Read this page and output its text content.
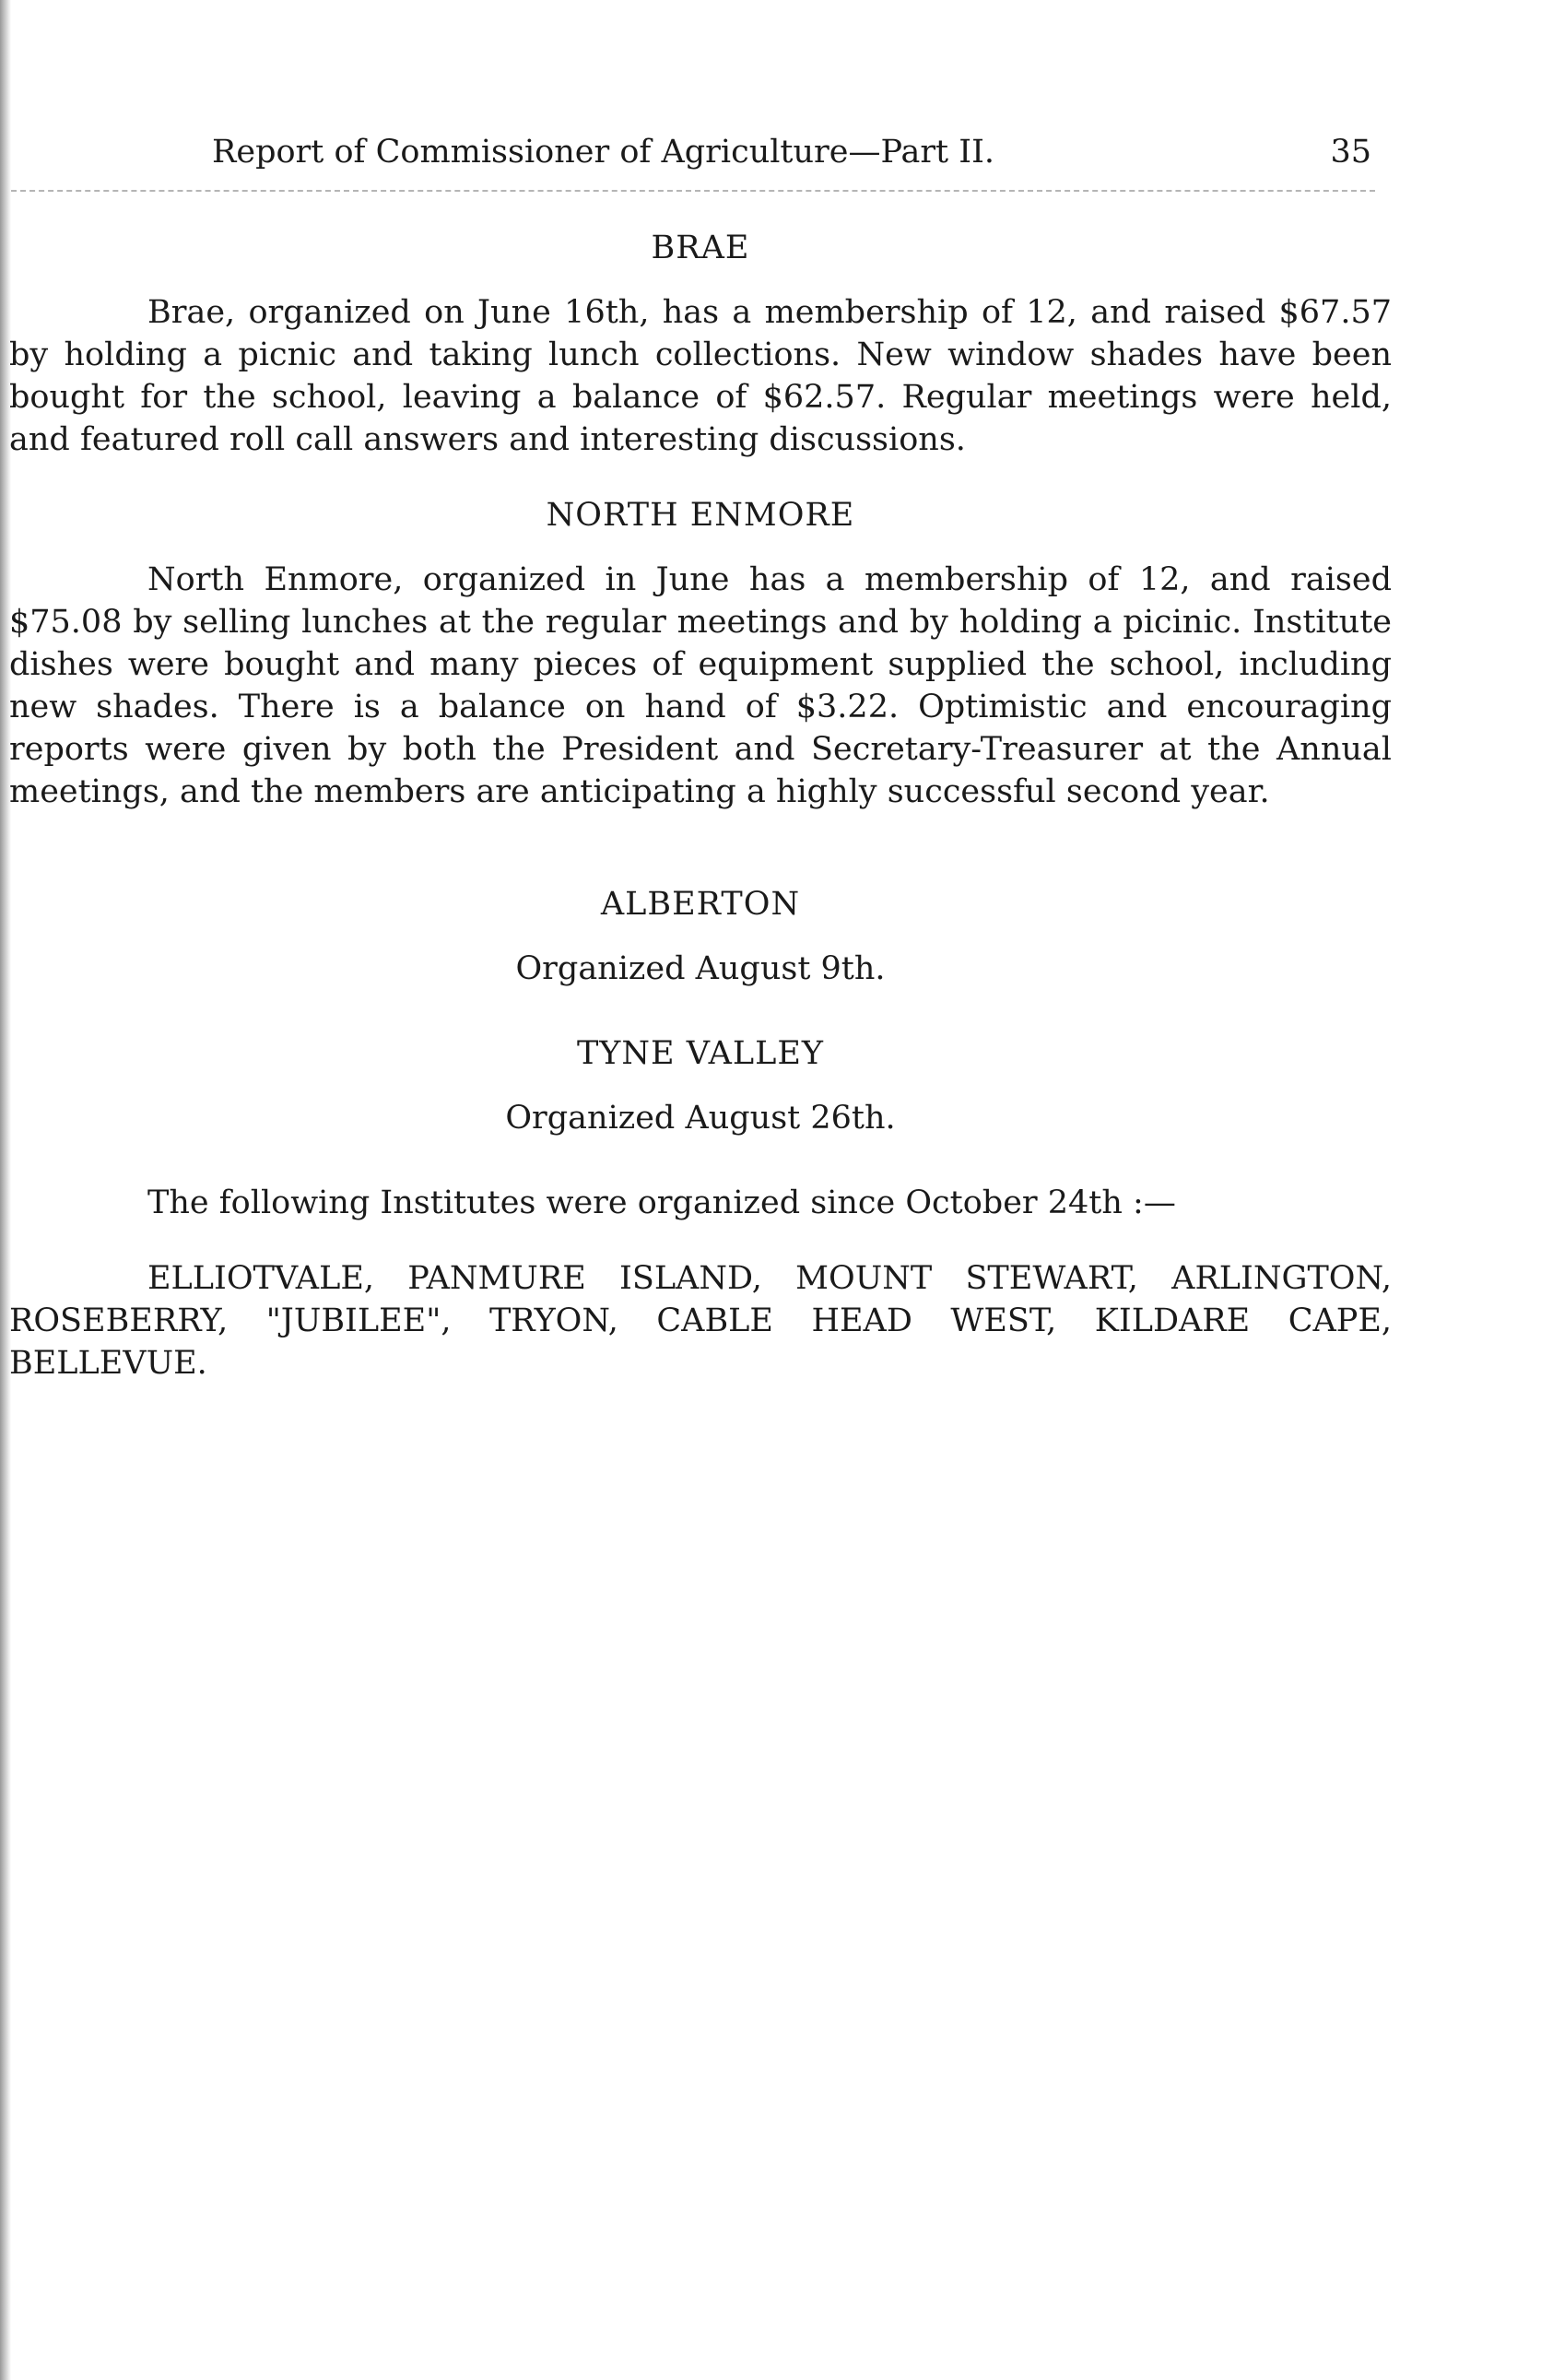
Report of Commissioner of Agriculture—Part II.	35
BRAE

Brae, organized on June 16th, has a membership of 12, and raised $67.57 by holding a picnic and taking lunch collections. New window shades have been bought for the school, leaving a balance of $62.57. Regular meetings were held, and featured roll call answers and interesting discussions.

NORTH ENMORE

North Enmore, organized in June has a membership of 12, and raised $75.08 by selling lunches at the regular meetings and by holding a picinic. Institute dishes were bought and many pieces of equipment supplied the school, including new shades. There is a balance on hand of $3.22. Optimistic and encouraging reports were given by both the President and Secretary-Treasurer at the Annual meetings, and the members are anticipating a highly successful second year.

ALBERTON
Organized August 9th.
TYNE VALLEY
Organized August 26th.

The following Institutes were organized since October 24th :—

ELLIOTVALE, PANMURE ISLAND, MOUNT STEWART, ARLINGTON, ROSEBERRY, "JUBILEE", TRYON, CABLE HEAD WEST, KILDARE CAPE, BELLEVUE.
